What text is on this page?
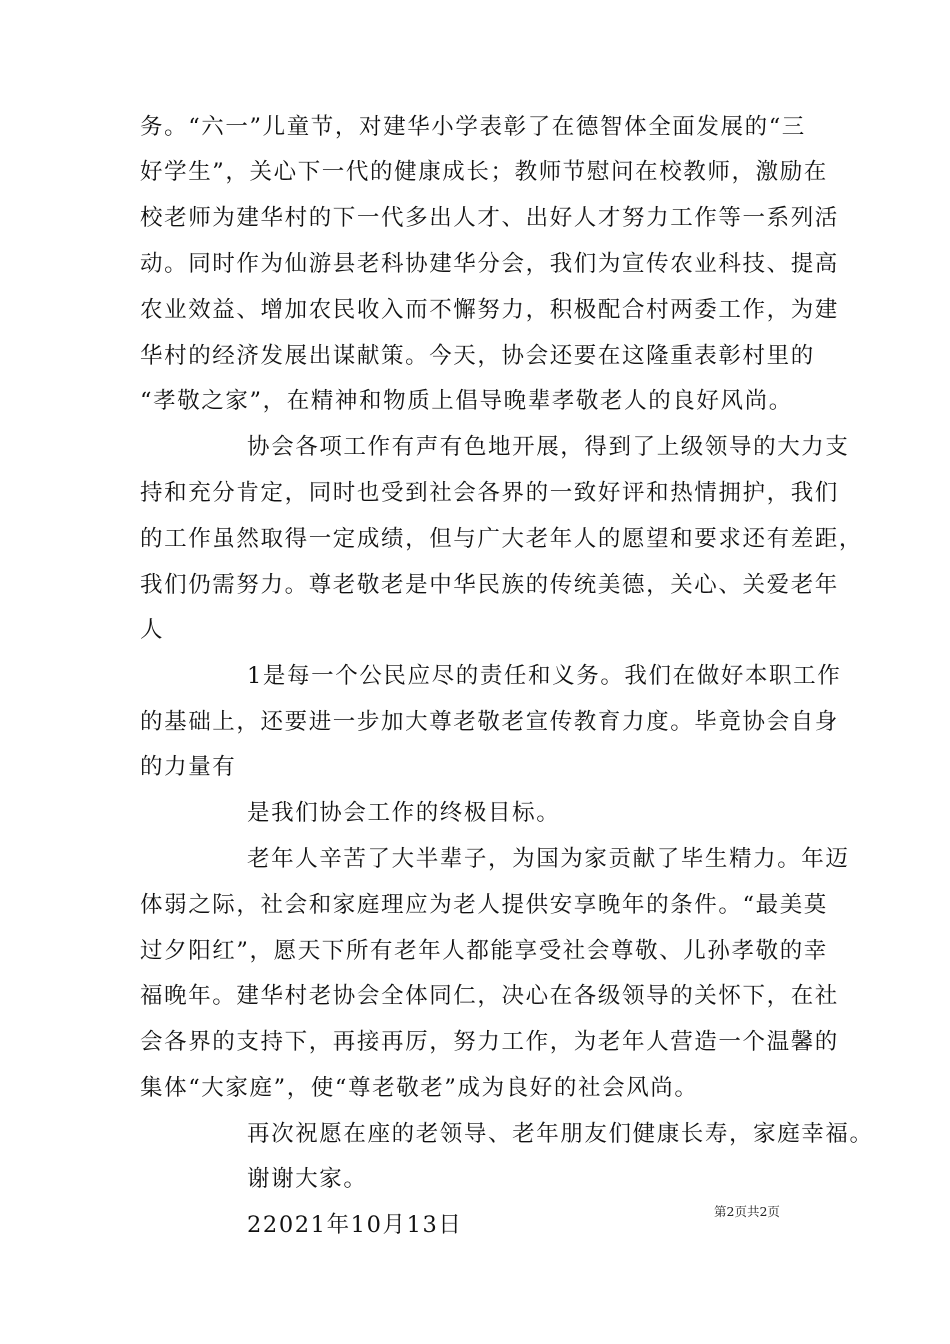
务。“六一”儿童节，对建华小学表彰了在德智体全面发展的“三
好学生”，关心下一代的健康成长；教师节慰问在校教师，激励在
校老师为建华村的下一代多出人才、出好人才努力工作等一系列活
动。同时作为仙游县老科协建华分会，我们为宣传农业科技、提高
农业效益、增加农民收入而不懈努力，积极配合村两委工作，为建
华村的经济发展出谋献策。今天，协会还要在这隆重表彰村里的
“孝敬之家”，在精神和物质上倡导晚辈孝敬老人的良好风尚。
协会各项工作有声有色地开展，得到了上级领导的大力支
持和充分肯定，同时也受到社会各界的一致好评和热情拥护，我们
的工作虽然取得一定成绩，但与广大老年人的愿望和要求还有差距，
我们仍需努力。尊老敬老是中华民族的传统美德，关心、关爱老年
人
1是每一个公民应尽的责任和义务。我们在做好本职工作
的基础上，还要进一步加大尊老敬老宣传教育力度。毕竟协会自身
的力量有
是我们协会工作的终极目标。
老年人辛苦了大半辈子，为国为家贡献了毕生精力。年迈
体弱之际，社会和家庭理应为老人提供安享晚年的条件。“最美莫
过夕阳红”，愿天下所有老年人都能享受社会尊敬、儿孙孝敬的幸
福晚年。建华村老协会全体同仁，决心在各级领导的关怀下，在社
会各界的支持下，再接再厉，努力工作，为老年人营造一个温馨的
集体“大家庭”，使“尊老敬老”成为良好的社会风尚。
再次祝愿在座的老领导、老年朋友们健康长寿，家庭幸福。
谢谢大家。
22021年10月13日
第2页共2页
